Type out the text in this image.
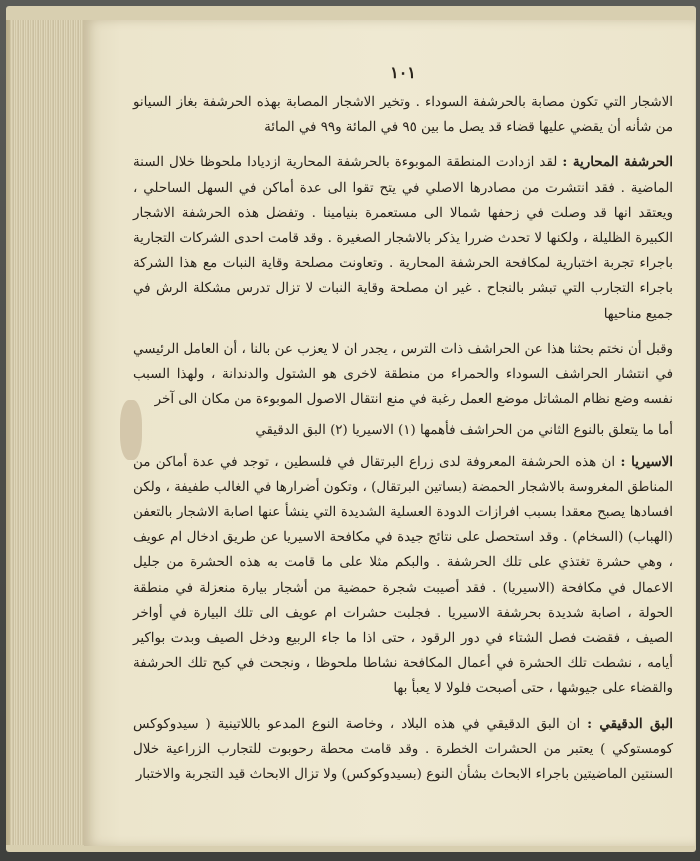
١٠١

الاشجار التي تكون مصابة بالحرشفة السوداء . وتخير الاشجار المصابة بهذه الحرشفة بغاز السيانو من شأنه أن يقضي عليها قضاء قد يصل ما بين ٩٥ في المائة و٩٩ في المائة

الحرشفة المحارية : لقد ازدادت المنطقة الموبوءة بالحرشفة المحارية ازديادا ملحوظا خلال السنة الماضية . فقد انتشرت من مصادرها الاصلي في يتح تقوا الى عدة أماكن في السهل الساحلي ، ويعتقد انها قد وصلت في زحفها شمالا الى مستعمرة بنيامينا . وتفضل هذه الحرشفة الاشجار الكبيرة الظليلة ، ولكنها لا تحدث ضررا يذكر بالاشجار الصغيرة . وقد قامت احدى الشركات التجارية باجراء تجربة اختبارية لمكافحة الحرشفة المحارية . وتعاونت مصلحة وقاية النبات مع هذا الشركة باجراء التجارب التي تبشر بالنجاح . غير ان مصلحة وقاية النبات لا تزال تدرس مشكلة الرش في جميع مناحيها

وقبل أن نختم بحثنا هذا عن الحراشف ذات الترس ، يجدر ان لا يعزب عن بالنا ، أن العامل الرئيسي في انتشار الحراشف السوداء والحمراء من منطقة لاخرى هو الشتول والدندانة ، ولهذا السبب نفسه وضع نظام المشاتل موضع العمل رغبة في منع انتقال الاصول الموبوءة من مكان الى آخر

أما ما يتعلق بالنوع الثاني من الحراشف فأهمها (١) الاسيريا (٢) البق الدقيقي

الاسيريا : ان هذه الحرشفة المعروفة لدى زراع البرتقال في فلسطين ، توجد في عدة أماكن من المناطق المغروسة بالاشجار الحمضة (بساتين البرتقال) ، وتكون أضرارها في الغالب طفيفة ، ولكن افسادها يصبح معقدا بسبب افرازات الدودة العسلية الشديدة التي ينشأ عنها اصابة الاشجار بالتعفن (الهباب) (السخام) . وقد استحصل على نتائج جيدة في مكافحة الاسيريا عن طريق ادخال ام عويف ، وهي حشرة تغتذي على تلك الحرشفة . والبكم مثلا على ما قامت به هذه الحشرة من جليل الاعمال في مكافحة (الاسيريا) . فقد أصيبت شجرة حمضية من أشجار بيارة منعزلة في منطقة الحولة ، اصابة شديدة بحرشفة الاسيريا . فجلبت حشرات ام عويف الى تلك البيارة في أواخر الصيف ، فقضت فصل الشتاء في دور الرقود ، حتى اذا ما جاء الربيع ودخل الصيف وبدت بواكير أيامه ، نشطت تلك الحشرة في أعمال المكافحة نشاطا ملحوظا ، ونجحت في كبح تلك الحرشفة والقضاء على جيوشها ، حتى أصبحت فلولا لا يعبأ بها

البق الدقيقي : ان البق الدقيقي في هذه البلاد ، وخاصة النوع المدعو باللاتينية ( سيدوكوكس كومستوكي ) يعتبر من الحشرات الخطرة . وقد قامت محطة رحوبوت للتجارب الزراعية خلال السنتين الماضيتين باجراء الابحاث بشأن النوع (بسيدوكوكس) ولا تزال الابحاث قيد التجربة والاختبار
